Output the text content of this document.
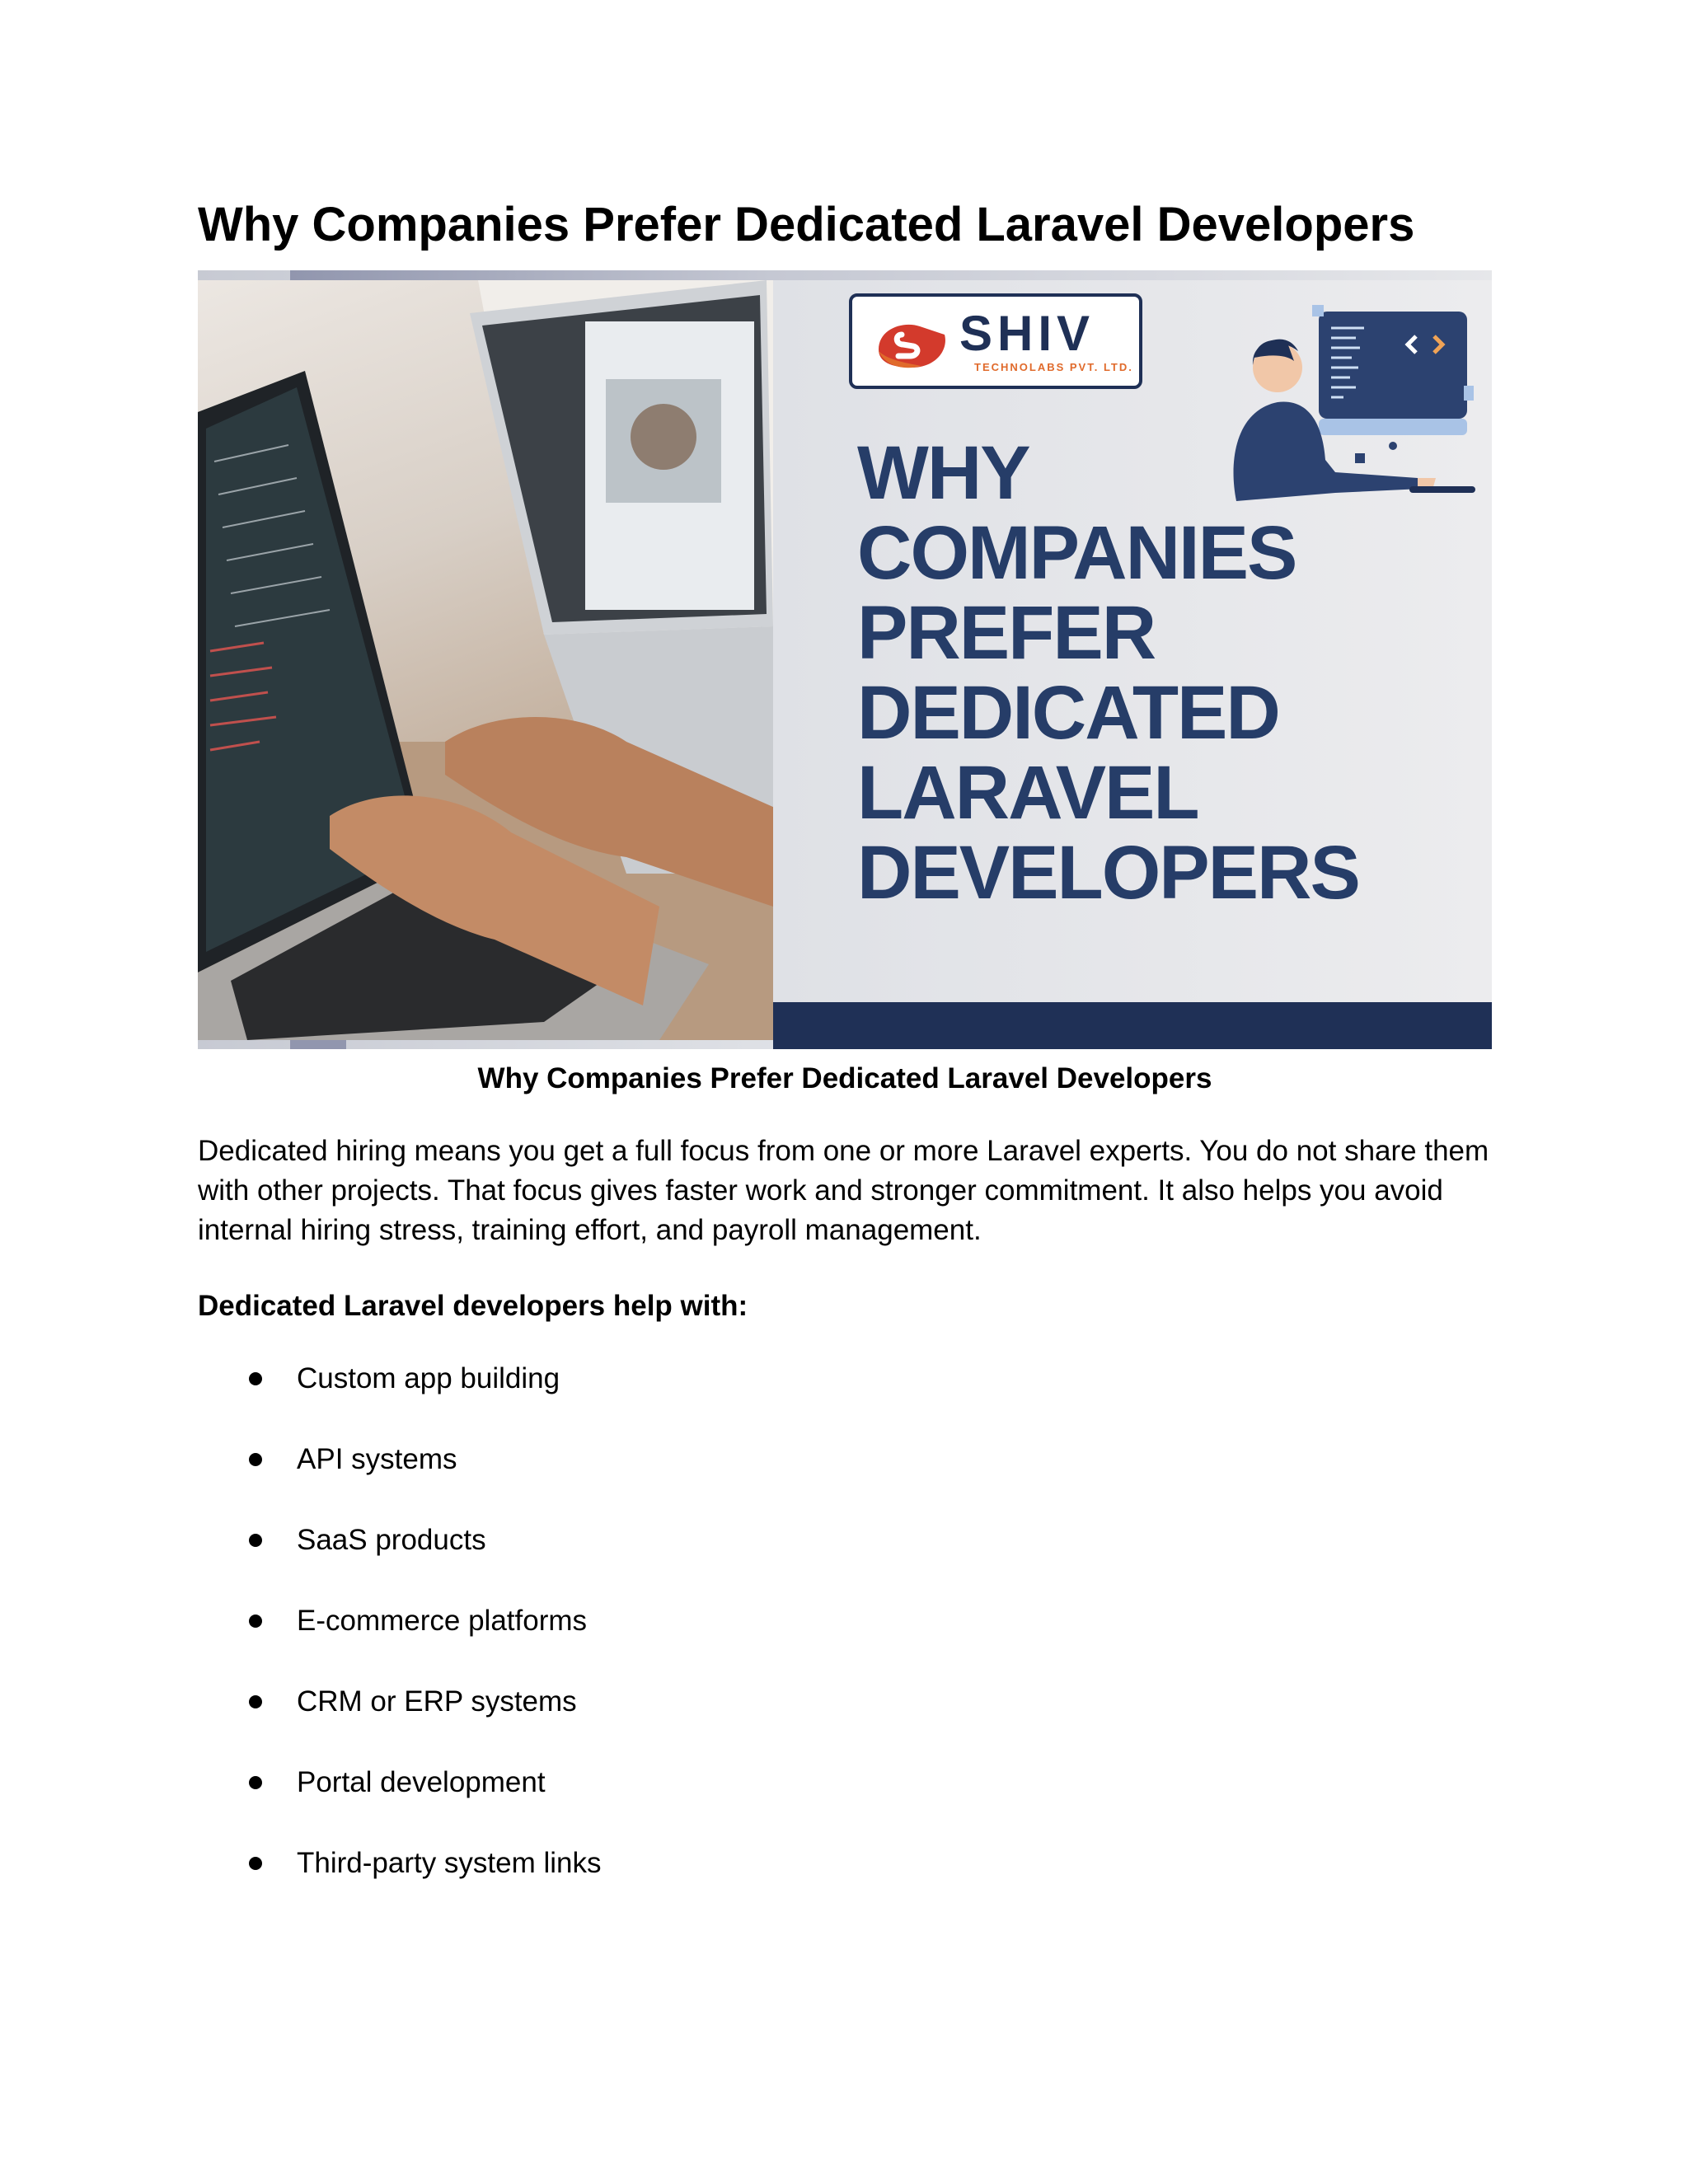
Why Companies Prefer Dedicated Laravel Developers
SHIV
TECHNOLABS PVT. LTD.
WHY
COMPANIES
PREFER
DEDICATED
LARAVEL
DEVELOPERS

Why Companies Prefer Dedicated Laravel Developers

Dedicated hiring means you get a full focus from one or more Laravel experts. You do not share them with other projects. That focus gives faster work and stronger commitment. It also helps you avoid internal hiring stress, training effort, and payroll management.

Dedicated Laravel developers help with:

Custom app building
API systems
SaaS products
E-commerce platforms
CRM or ERP systems
Portal development
Third-party system links
